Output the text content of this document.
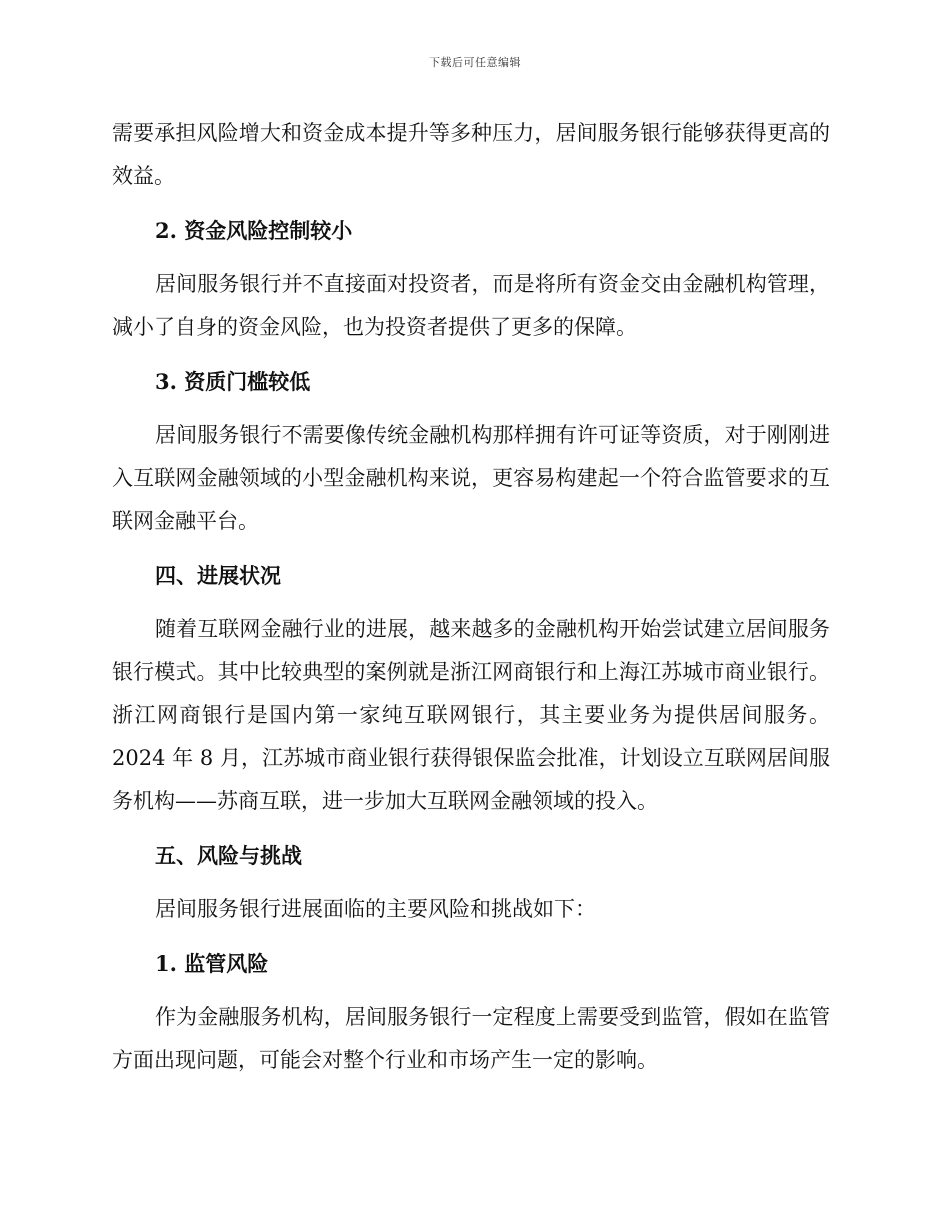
下载后可任意编辑

需要承担风险增大和资金成本提升等多种压力，居间服务银行能够获得更高的效益。

2. 资金风险控制较小

居间服务银行并不直接面对投资者，而是将所有资金交由金融机构管理，减小了自身的资金风险，也为投资者提供了更多的保障。

3. 资质门槛较低

居间服务银行不需要像传统金融机构那样拥有许可证等资质，对于刚刚进入互联网金融领域的小型金融机构来说，更容易构建起一个符合监管要求的互联网金融平台。

四、进展状况

随着互联网金融行业的进展，越来越多的金融机构开始尝试建立居间服务银行模式。其中比较典型的案例就是浙江网商银行和上海江苏城市商业银行。浙江网商银行是国内第一家纯互联网银行，其主要业务为提供居间服务。2024 年 8 月，江苏城市商业银行获得银保监会批准，计划设立互联网居间服务机构——苏商互联，进一步加大互联网金融领域的投入。

五、风险与挑战

居间服务银行进展面临的主要风险和挑战如下：

1. 监管风险

作为金融服务机构，居间服务银行一定程度上需要受到监管，假如在监管方面出现问题，可能会对整个行业和市场产生一定的影响。
